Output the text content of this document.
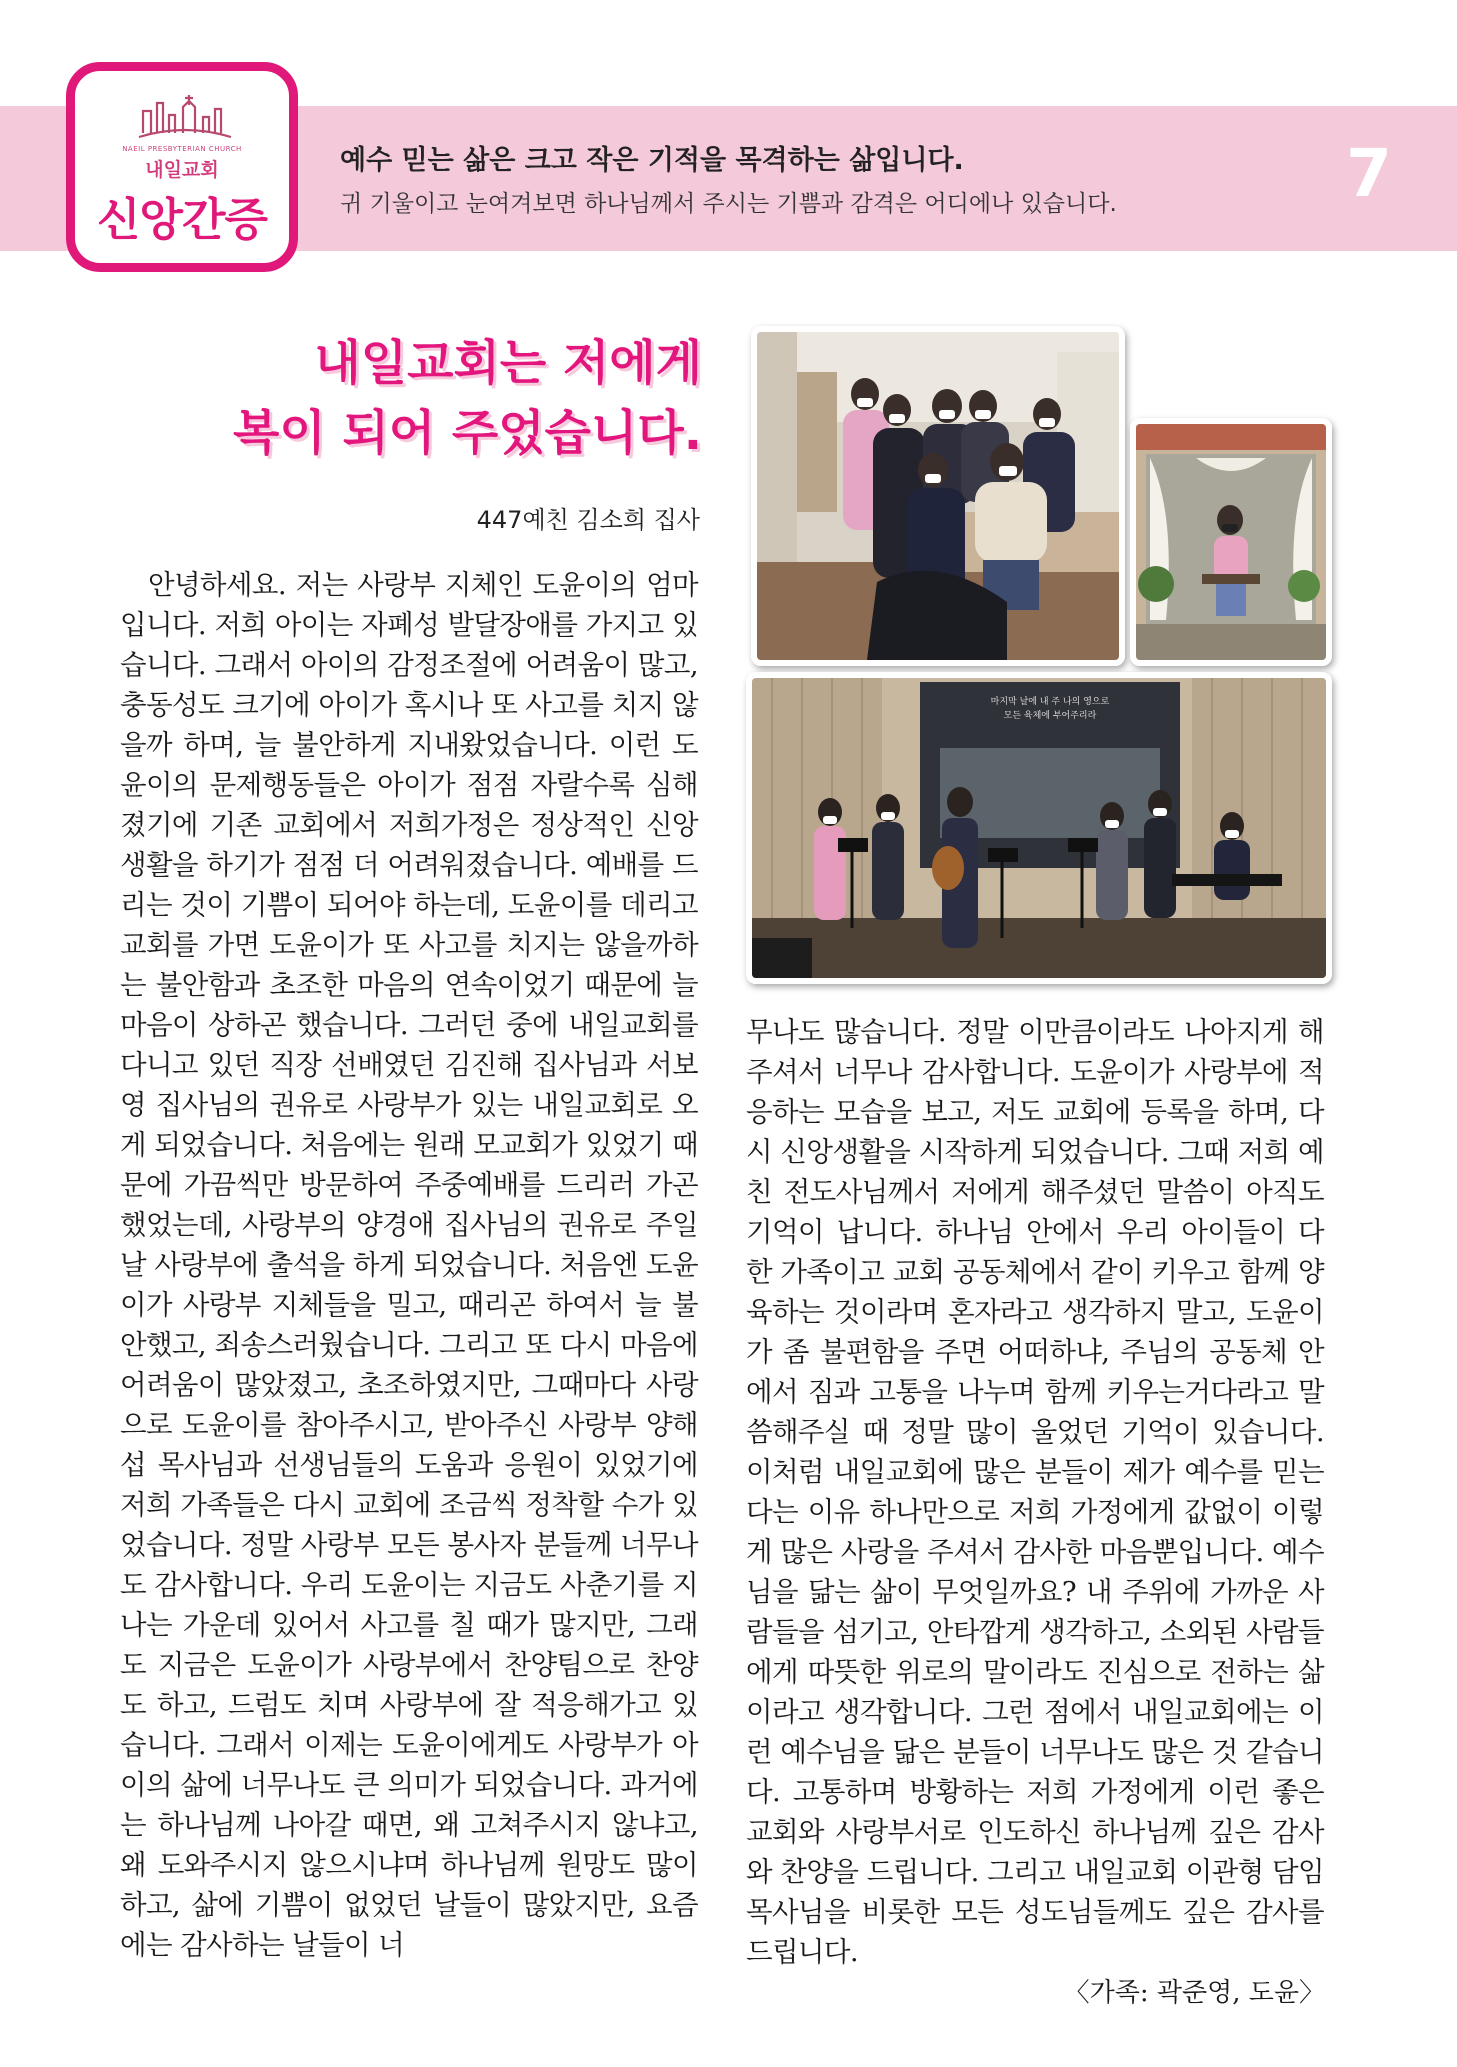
NAEIL PRESBYTERIAN CHURCH
내일교회
신앙간증
예수 믿는 삶은 크고 작은 기적을 목격하는 삶입니다.
귀 기울이고 눈여겨보면 하나님께서 주시는 기쁨과 감격은 어디에나 있습니다.	7
내일교회는 저에게
복이 되어 주었습니다.
447예친 김소희 집사

안녕하세요. 저는 사랑부 지체인 도윤이의 엄마입니다. 저희 아이는 자폐성 발달장애를 가지고 있습니다. 그래서 아이의 감정조절에 어려움이 많고, 충동성도 크기에 아이가 혹시나 또 사고를 치지 않을까 하며, 늘 불안하게 지내왔었습니다. 이런 도윤이의 문제행동들은 아이가 점점 자랄수록 심해졌기에 기존 교회에서 저희가정은 정상적인 신앙생활을 하기가 점점 더 어려워졌습니다. 예배를 드리는 것이 기쁨이 되어야 하는데, 도윤이를 데리고 교회를 가면 도윤이가 또 사고를 치지는 않을까하는 불안함과 초조한 마음의 연속이었기 때문에 늘 마음이 상하곤 했습니다. 그러던 중에 내일교회를 다니고 있던 직장 선배였던 김진해 집사님과 서보영 집사님의 권유로 사랑부가 있는 내일교회로 오게 되었습니다. 처음에는 원래 모교회가 있었기 때문에 가끔씩만 방문하여 주중예배를 드리러 가곤 했었는데, 사랑부의 양경애 집사님의 권유로 주일날 사랑부에 출석을 하게 되었습니다. 처음엔 도윤이가 사랑부 지체들을 밀고, 때리곤 하여서 늘 불안했고, 죄송스러웠습니다. 그리고 또 다시 마음에 어려움이 많았졌고, 초조하였지만, 그때마다 사랑으로 도윤이를 참아주시고, 받아주신 사랑부 양해섭 목사님과 선생님들의 도움과 응원이 있었기에 저희 가족들은 다시 교회에 조금씩 정착할 수가 있었습니다. 정말 사랑부 모든 봉사자 분들께 너무나도 감사합니다. 우리 도윤이는 지금도 사춘기를 지나는 가운데 있어서 사고를 칠 때가 많지만, 그래도 지금은 도윤이가 사랑부에서 찬양팀으로 찬양도 하고, 드럼도 치며 사랑부에 잘 적응해가고 있습니다. 그래서 이제는 도윤이에게도 사랑부가 아이의 삶에 너무나도 큰 의미가 되었습니다. 과거에는 하나님께 나아갈 때면, 왜 고쳐주시지 않냐고, 왜 도와주시지 않으시냐며 하나님께 원망도 많이 하고, 삶에 기쁨이 없었던 날들이 많았지만, 요즘에는 감사하는 날들이 너

무나도 많습니다. 정말 이만큼이라도 나아지게 해주셔서 너무나 감사합니다. 도윤이가 사랑부에 적응하는 모습을 보고, 저도 교회에 등록을 하며, 다시 신앙생활을 시작하게 되었습니다. 그때 저희 예친 전도사님께서 저에게 해주셨던 말씀이 아직도 기억이 납니다. 하나님 안에서 우리 아이들이 다 한 가족이고 교회 공동체에서 같이 키우고 함께 양육하는 것이라며 혼자라고 생각하지 말고, 도윤이가 좀 불편함을 주면 어떠하냐, 주님의 공동체 안에서 짐과 고통을 나누며 함께 키우는거다라고 말씀해주실 때 정말 많이 울었던 기억이 있습니다. 이처럼 내일교회에 많은 분들이 제가 예수를 믿는다는 이유 하나만으로 저희 가정에게 값없이 이렇게 많은 사랑을 주셔서 감사한 마음뿐입니다. 예수님을 닮는 삶이 무엇일까요? 내 주위에 가까운 사람들을 섬기고, 안타깝게 생각하고, 소외된 사람들에게 따뜻한 위로의 말이라도 진심으로 전하는 삶이라고 생각합니다. 그런 점에서 내일교회에는 이런 예수님을 닮은 분들이 너무나도 많은 것 같습니다. 고통하며 방황하는 저희 가정에게 이런 좋은 교회와 사랑부서로 인도하신 하나님께 깊은 감사와 찬양을 드립니다. 그리고 내일교회 이관형 담임목사님을 비롯한 모든 성도님들께도 깊은 감사를 드립니다.

〈가족: 곽준영, 도윤〉
마지막 날에 내 주 나의 영으로
모든 육체에 부어주리라
